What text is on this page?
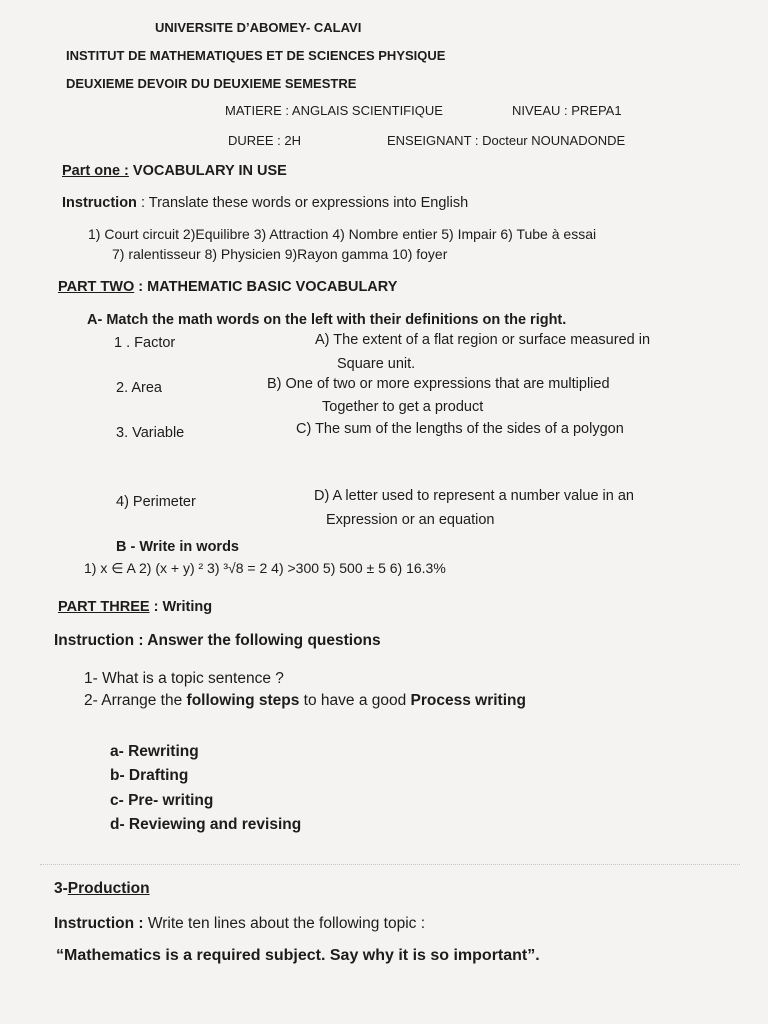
UNIVERSITE D’ABOMEY- CALAVI
INSTITUT DE MATHEMATIQUES ET DE SCIENCES PHYSIQUE
DEUXIEME DEVOIR DU DEUXIEME SEMESTRE
MATIERE : ANGLAIS SCIENTIFIQUE	NIVEAU : PREPA1
DUREE : 2H	ENSEIGNANT : Docteur NOUNADONDE
Part one : VOCABULARY IN USE
Instruction : Translate these words or expressions into English
1) Court circuit 2)Equilibre 3) Attraction 4) Nombre entier 5) Impair 6) Tube à essai
7) ralentisseur 8) Physicien 9)Rayon gamma 10) foyer
PART TWO : MATHEMATIC BASIC VOCABULARY
A- Match the math words on the left with their definitions on the right.
1 . Factor	A) The extent of a flat region or surface measured in
Square unit.
2. Area	B) One of two or more expressions that are multiplied
Together to get a product
3. Variable	C) The sum of the lengths of the sides of a polygon
4) Perimeter	D) A letter used to represent a number value in an
Expression or an equation
B - Write in words
1) x ∈ A 2) (x + y) ² 3) ³√8 = 2 4) >300 5) 500 ± 5 6) 16.3%
PART THREE : Writing
Instruction : Answer the following questions
1- What is a topic sentence ?
2- Arrange the following steps to have a good Process writing
a- Rewriting
b- Drafting
c- Pre- writing
d- Reviewing and revising
3-Production
Instruction : Write ten lines about the following topic :
“Mathematics is a required subject. Say why it is so important”.
